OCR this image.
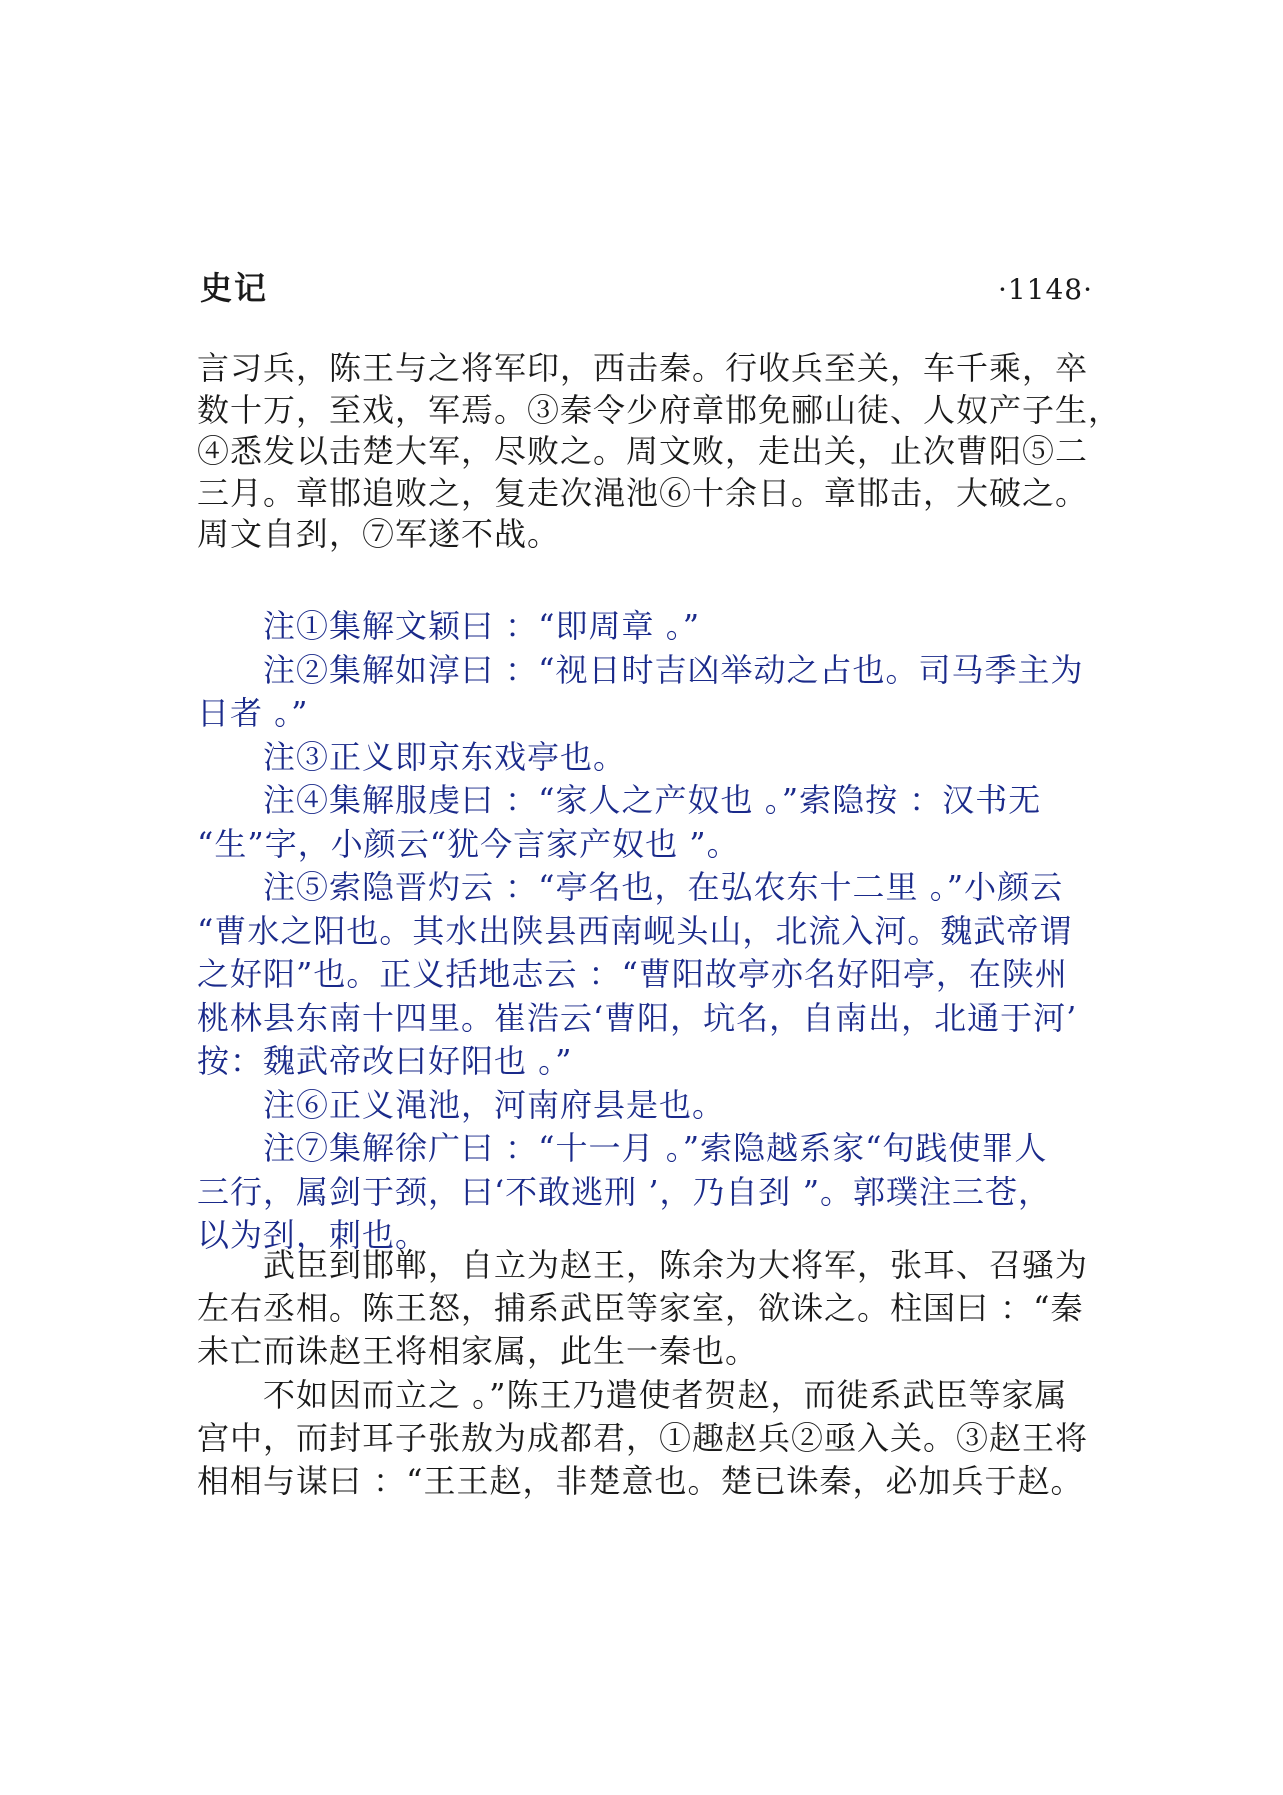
史记	·1148·
言习兵，陈王与之将军印，西击秦。行收兵至关，车千乘，卒
数十万，至戏，军焉。③秦令少府章邯免郦山徒、人奴产子生，
④悉发以击楚大军，尽败之。周文败，走出关，止次曹阳⑤二
三月。章邯追败之，复走次渑池⑥十余日。章邯击，大破之。
周文自刭，⑦军遂不战。
注①集解文颖曰 ：“即周章 。”
注②集解如淳曰 ：“视日时吉凶举动之占也。司马季主为
日者 。”
注③正义即京东戏亭也。
注④集解服虔曰 ：“家人之产奴也 。”索隐按 ：汉书无
“生”字，小颜云“犹今言家产奴也 ”。
注⑤索隐晋灼云 ：“亭名也，在弘农东十二里 。”小颜云
“曹水之阳也。其水出陕县西南岘头山，北流入河。魏武帝谓
之好阳”也。正义括地志云 ：“曹阳故亭亦名好阳亭，在陕州
桃林县东南十四里。崔浩云‘曹阳，坑名，自南出，北通于河’
按：魏武帝改曰好阳也 。”
注⑥正义渑池，河南府县是也。
注⑦集解徐广曰 ：“十一月 。”索隐越系家“句践使罪人
三行，属剑于颈，曰‘不敢逃刑 ’，乃自刭 ”。郭璞注三苍，
以为刭，刺也。
武臣到邯郸，自立为赵王，陈余为大将军，张耳、召骚为
左右丞相。陈王怒，捕系武臣等家室，欲诛之。柱国曰 ：“秦
未亡而诛赵王将相家属，此生一秦也。
不如因而立之 。”陈王乃遣使者贺赵，而徙系武臣等家属
宫中，而封耳子张敖为成都君，①趣赵兵②亟入关。③赵王将
相相与谋曰 ：“王王赵，非楚意也。楚已诛秦，必加兵于赵。
